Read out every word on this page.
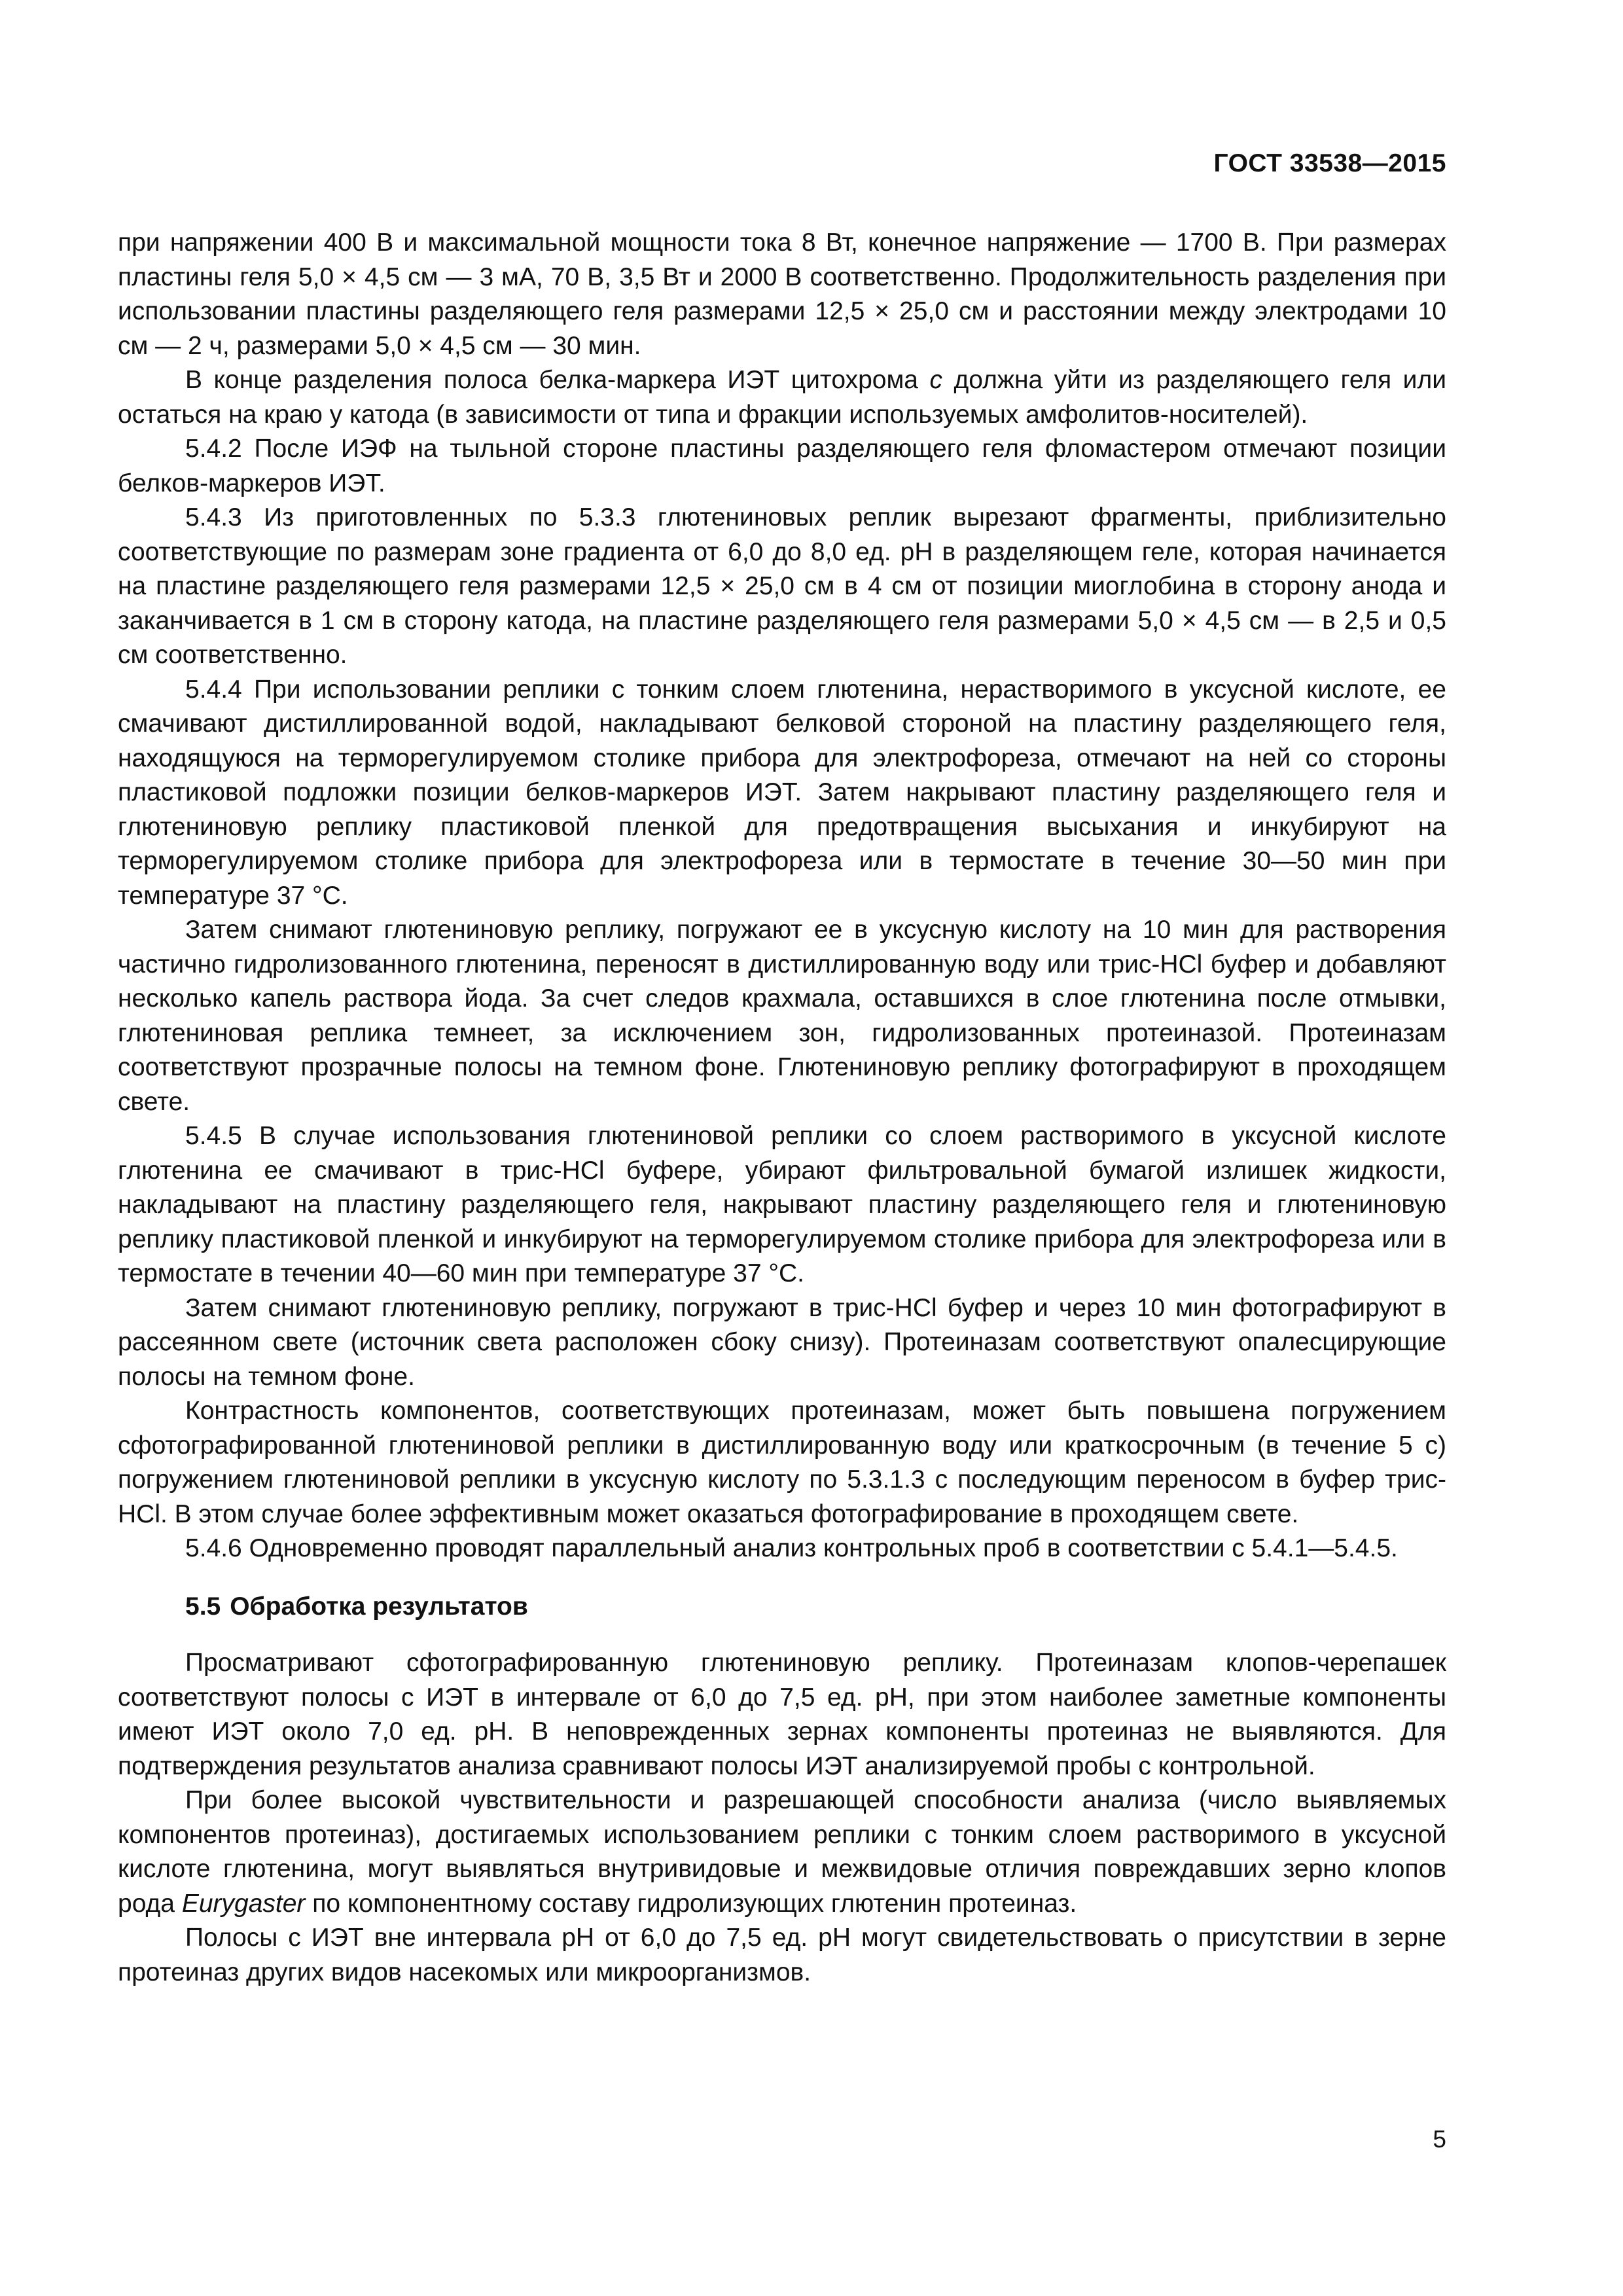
ГОСТ 33538—2015

при напряжении 400 В и максимальной мощности тока 8 Вт, конечное напряжение — 1700 В. При размерах пластины геля 5,0 × 4,5 см — 3 мА, 70 В, 3,5 Вт и 2000 В соответственно. Продолжительность разделения при использовании пластины разделяющего геля размерами 12,5 × 25,0 см и расстоянии между электродами 10 см — 2 ч, размерами 5,0 × 4,5 см — 30 мин.

В конце разделения полоса белка-маркера ИЭТ цитохрома c должна уйти из разделяющего геля или остаться на краю у катода (в зависимости от типа и фракции используемых амфолитов-носителей).

5.4.2 После ИЭФ на тыльной стороне пластины разделяющего геля фломастером отмечают позиции белков-маркеров ИЭТ.

5.4.3 Из приготовленных по 5.3.3 глютениновых реплик вырезают фрагменты, приблизительно соответствующие по размерам зоне градиента от 6,0 до 8,0 ед. pH в разделяющем геле, которая начинается на пластине разделяющего геля размерами 12,5 × 25,0 см в 4 см от позиции миоглобина в сторону анода и заканчивается в 1 см в сторону катода, на пластине разделяющего геля размерами 5,0 × 4,5 см — в 2,5 и 0,5 см соответственно.

5.4.4 При использовании реплики с тонким слоем глютенина, нерастворимого в уксусной кислоте, ее смачивают дистиллированной водой, накладывают белковой стороной на пластину разделяющего геля, находящуюся на терморегулируемом столике прибора для электрофореза, отмечают на ней со стороны пластиковой подложки позиции белков-маркеров ИЭТ. Затем накрывают пластину разделяющего геля и глютениновую реплику пластиковой пленкой для предотвращения высыхания и инкубируют на терморегулируемом столике прибора для электрофореза или в термостате в течение 30—50 мин при температуре 37 °C.

Затем снимают глютениновую реплику, погружают ее в уксусную кислоту на 10 мин для растворения частично гидролизованного глютенина, переносят в дистиллированную воду или трис-HCl буфер и добавляют несколько капель раствора йода. За счет следов крахмала, оставшихся в слое глютенина после отмывки, глютениновая реплика темнеет, за исключением зон, гидролизованных протеиназой. Протеиназам соответствуют прозрачные полосы на темном фоне. Глютениновую реплику фотографируют в проходящем свете.

5.4.5 В случае использования глютениновой реплики со слоем растворимого в уксусной кислоте глютенина ее смачивают в трис-HCl буфере, убирают фильтровальной бумагой излишек жидкости, накладывают на пластину разделяющего геля, накрывают пластину разделяющего геля и глютениновую реплику пластиковой пленкой и инкубируют на терморегулируемом столике прибора для электрофореза или в термостате в течении 40—60 мин при температуре 37 °C.

Затем снимают глютениновую реплику, погружают в трис-HCl буфер и через 10 мин фотографируют в рассеянном свете (источник света расположен сбоку снизу). Протеиназам соответствуют опалесцирующие полосы на темном фоне.

Контрастность компонентов, соответствующих протеиназам, может быть повышена погружением сфотографированной глютениновой реплики в дистиллированную воду или краткосрочным (в течение 5 с) погружением глютениновой реплики в уксусную кислоту по 5.3.1.3 с последующим переносом в буфер трис-HCl. В этом случае более эффективным может оказаться фотографирование в проходящем свете.

5.4.6 Одновременно проводят параллельный анализ контрольных проб в соответствии с 5.4.1—5.4.5.

5.5 Обработка результатов

Просматривают сфотографированную глютениновую реплику. Протеиназам клопов-черепашек соответствуют полосы с ИЭТ в интервале от 6,0 до 7,5 ед. pH, при этом наиболее заметные компоненты имеют ИЭТ около 7,0 ед. pH. В неповрежденных зернах компоненты протеиназ не выявляются. Для подтверждения результатов анализа сравнивают полосы ИЭТ анализируемой пробы с контрольной.

При более высокой чувствительности и разрешающей способности анализа (число выявляемых компонентов протеиназ), достигаемых использованием реплики с тонким слоем растворимого в уксусной кислоте глютенина, могут выявляться внутривидовые и межвидовые отличия повреждавших зерно клопов рода Eurygaster по компонентному составу гидролизующих глютенин протеиназ.

Полосы с ИЭТ вне интервала pH от 6,0 до 7,5 ед. pH могут свидетельствовать о присутствии в зерне протеиназ других видов насекомых или микроорганизмов.

5
